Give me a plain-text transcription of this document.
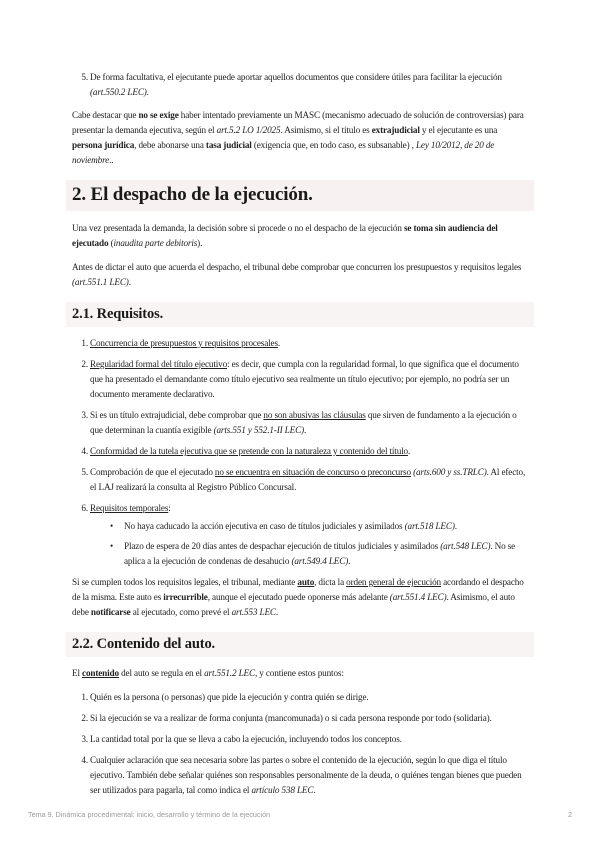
5. De forma facultativa, el ejecutante puede aportar aquellos documentos que considere útiles para facilitar la ejecución (art.550.2 LEC).

Cabe destacar que no se exige haber intentado previamente un MASC (mecanismo adecuado de solución de controversias) para presentar la demanda ejecutiva, según el art.5.2 LO 1/2025. Asimismo, si el título es extrajudicial y el ejecutante es una persona jurídica, debe abonarse una tasa judicial (exigencia que, en todo caso, es subsanable) , Ley 10/2012, de 20 de noviembre..

2. El despacho de la ejecución.

Una vez presentada la demanda, la decisión sobre si procede o no el despacho de la ejecución se toma sin audiencia del ejecutado (inaudita parte debitoris).

Antes de dictar el auto que acuerda el despacho, el tribunal debe comprobar que concurren los presupuestos y requisitos legales (art.551.1 LEC).

2.1. Requisitos.
1. Concurrencia de presupuestos y requisitos procesales.
2. Regularidad formal del título ejecutivo: es decir, que cumpla con la regularidad formal, lo que significa que el documento que ha presentado el demandante como título ejecutivo sea realmente un título ejecutivo; por ejemplo, no podría ser un documento meramente declarativo.
3. Si es un título extrajudicial, debe comprobar que no son abusivas las cláusulas que sirven de fundamento a la ejecución o que determinan la cuantía exigible (arts.551 y 552.1-II LEC).
4. Conformidad de la tutela ejecutiva que se pretende con la naturaleza y contenido del título.
5. Comprobación de que el ejecutado no se encuentra en situación de concurso o preconcurso (arts.600 y ss.TRLC). Al efecto, el LAJ realizará la consulta al Registro Público Concursal.
6. Requisitos temporales:
• No haya caducado la acción ejecutiva en caso de títulos judiciales y asimilados (art.518 LEC).
• Plazo de espera de 20 días antes de despachar ejecución de títulos judiciales y asimilados (art.548 LEC). No se aplica a la ejecución de condenas de desahucio (art.549.4 LEC).

Si se cumplen todos los requisitos legales, el tribunal, mediante auto, dicta la orden general de ejecución acordando el despacho de la misma. Este auto es irrecurrible, aunque el ejecutado puede oponerse más adelante (art.551.4 LEC). Asimismo, el auto debe notificarse al ejecutado, como prevé el art.553 LEC.

2.2. Contenido del auto.

El contenido del auto se regula en el art.551.2 LEC, y contiene estos puntos:

1. Quién es la persona (o personas) que pide la ejecución y contra quién se dirige.
2. Si la ejecución se va a realizar de forma conjunta (mancomunada) o si cada persona responde por todo (solidaria).
3. La cantidad total por la que se lleva a cabo la ejecución, incluyendo todos los conceptos.
4. Cualquier aclaración que sea necesaria sobre las partes o sobre el contenido de la ejecución, según lo que diga el título ejecutivo. También debe señalar quiénes son responsables personalmente de la deuda, o quiénes tengan bienes que pueden ser utilizados para pagarla, tal como indica el artículo 538 LEC.
Tema 9. Dinámica procedimental: inicio, desarrollo y término de la ejecución	2
